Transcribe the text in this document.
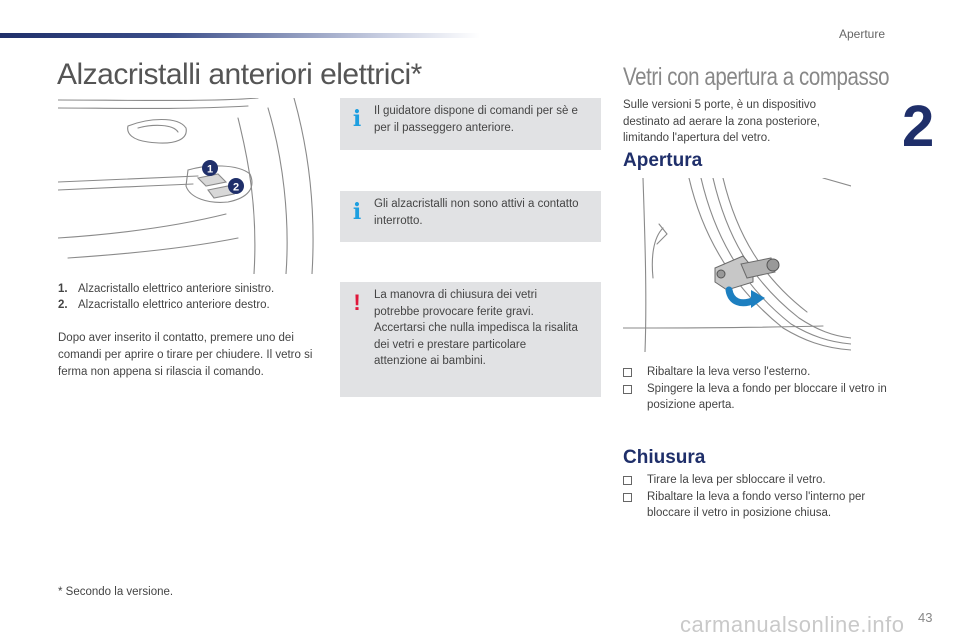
Aperture
2
Alzacristalli anteriori elettrici*
1
2
1. Alzacristallo elettrico anteriore sinistro.
2. Alzacristallo elettrico anteriore destro.
Dopo aver inserito il contatto, premere uno dei comandi per aprire o tirare per chiudere. Il vetro si ferma non appena si rilascia il comando.
i Il guidatore dispone di comandi per sè e per il passeggero anteriore.
i Gli alzacristalli non sono attivi a contatto interrotto.
! La manovra di chiusura dei vetri potrebbe provocare ferite gravi. Accertarsi che nulla impedisca la risalita dei vetri e prestare particolare attenzione ai bambini.
Vetri con apertura a compasso
Sulle versioni 5 porte, è un dispositivo destinato ad aerare la zona posteriore, limitando l'apertura del vetro.
Apertura
Ribaltare la leva verso l'esterno.
Spingere la leva a fondo per bloccare il vetro in posizione aperta.
Chiusura
Tirare la leva per sbloccare il vetro.
Ribaltare la leva a fondo verso l'interno per bloccare il vetro in posizione chiusa.
* Secondo la versione.
carmanualsonline.info 43
